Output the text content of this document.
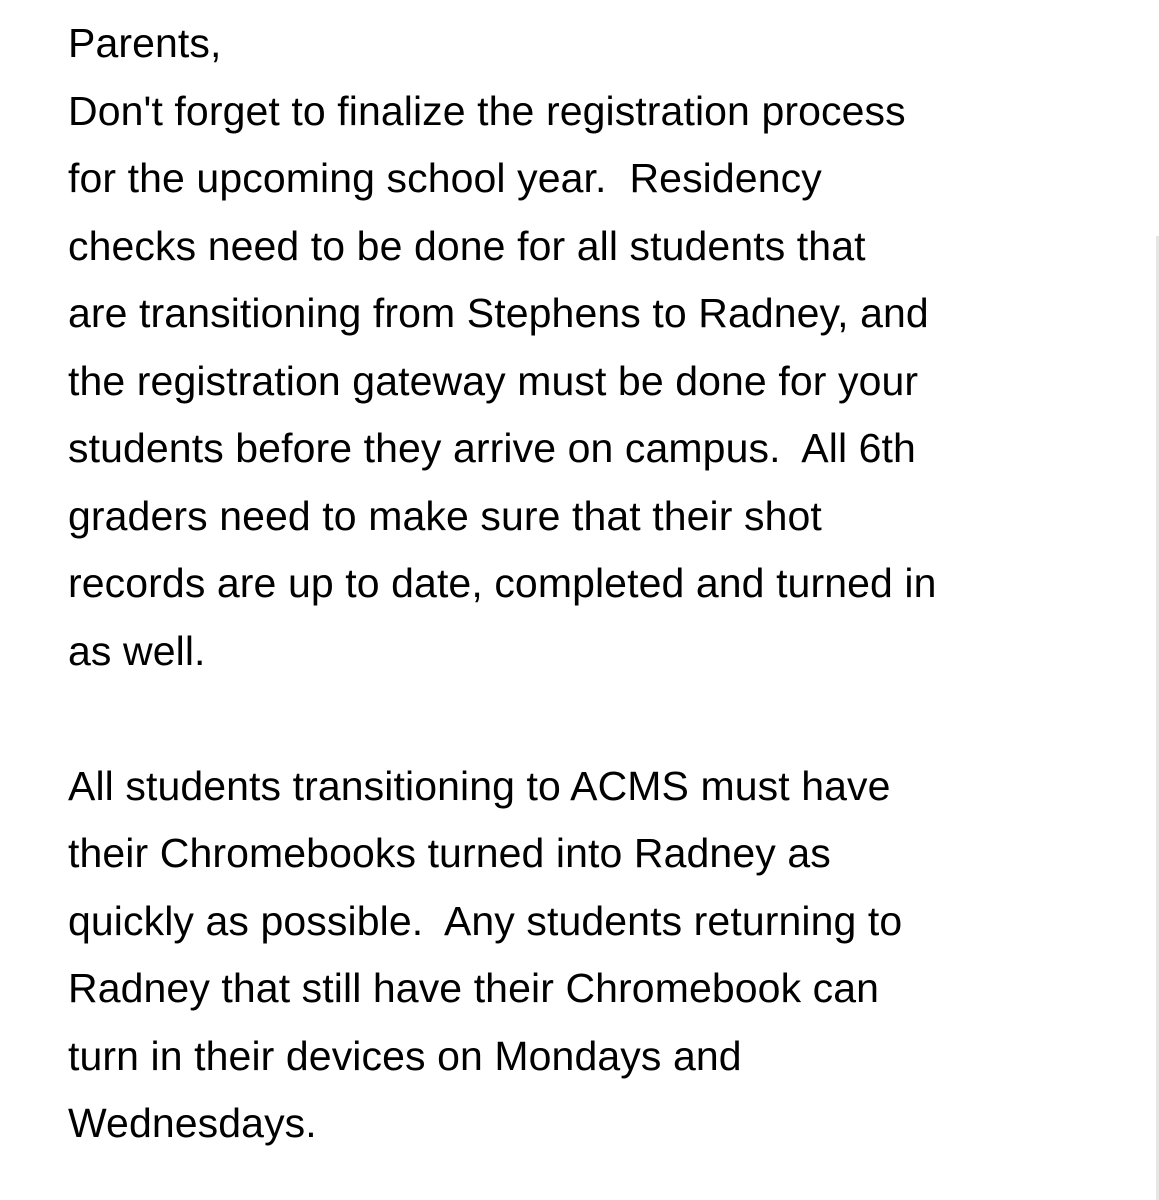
Parents,
Don't forget to finalize the registration process
for the upcoming school year.  Residency
checks need to be done for all students that
are transitioning from Stephens to Radney, and
the registration gateway must be done for your
students before they arrive on campus.  All 6th
graders need to make sure that their shot
records are up to date, completed and turned in
as well.
All students transitioning to ACMS must have
their Chromebooks turned into Radney as
quickly as possible.  Any students returning to
Radney that still have their Chromebook can
turn in their devices on Mondays and
Wednesdays.
